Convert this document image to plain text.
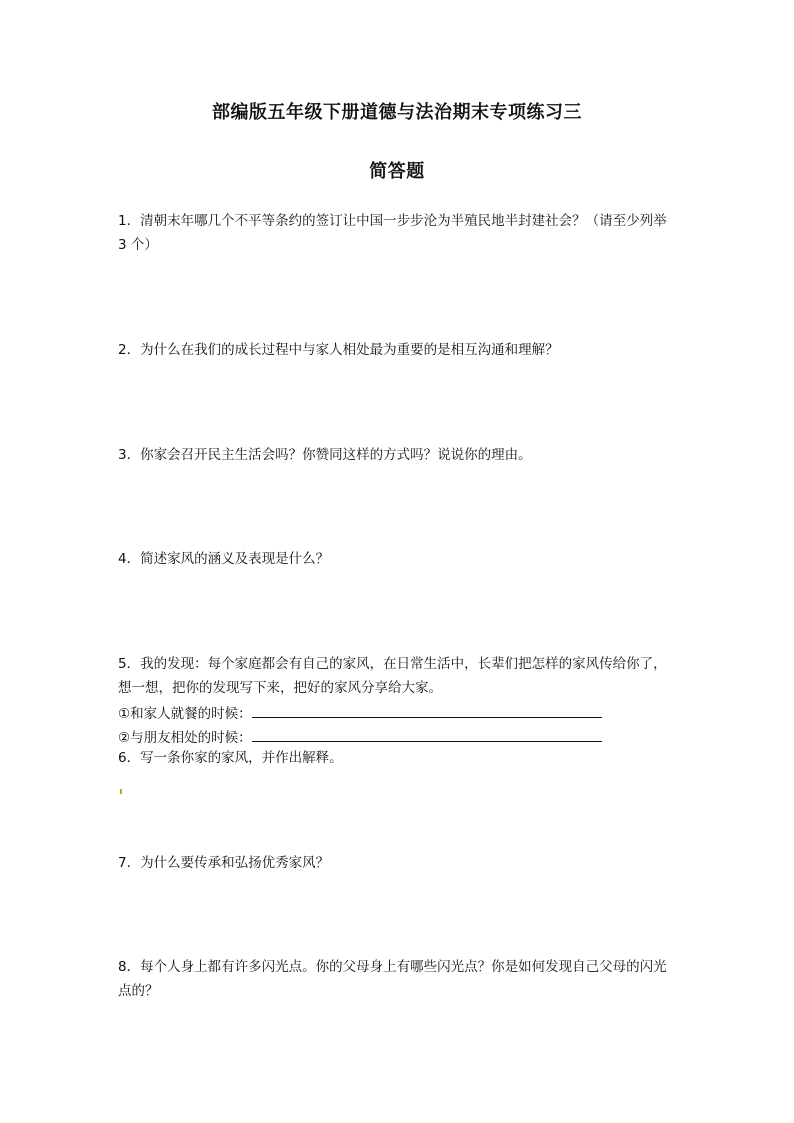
部编版五年级下册道德与法治期末专项练习三
简答题

1．清朝末年哪几个不平等条约的签订让中国一步步沦为半殖民地半封建社会？（请至少列举 3 个）

2．为什么在我们的成长过程中与家人相处最为重要的是相互沟通和理解？

3．你家会召开民主生活会吗？你赞同这样的方式吗？说说你的理由。

4．简述家风的涵义及表现是什么？

5．我的发现：每个家庭都会有自己的家风，在日常生活中，长辈们把怎样的家风传给你了，想一想，把你的发现写下来，把好的家风分享给大家。

①和家人就餐的时候：
②与朋友相处的时候：

6．写一条你家的家风，并作出解释。

7．为什么要传承和弘扬优秀家风？

8．每个人身上都有许多闪光点。你的父母身上有哪些闪光点？你是如何发现自己父母的闪光点的？
